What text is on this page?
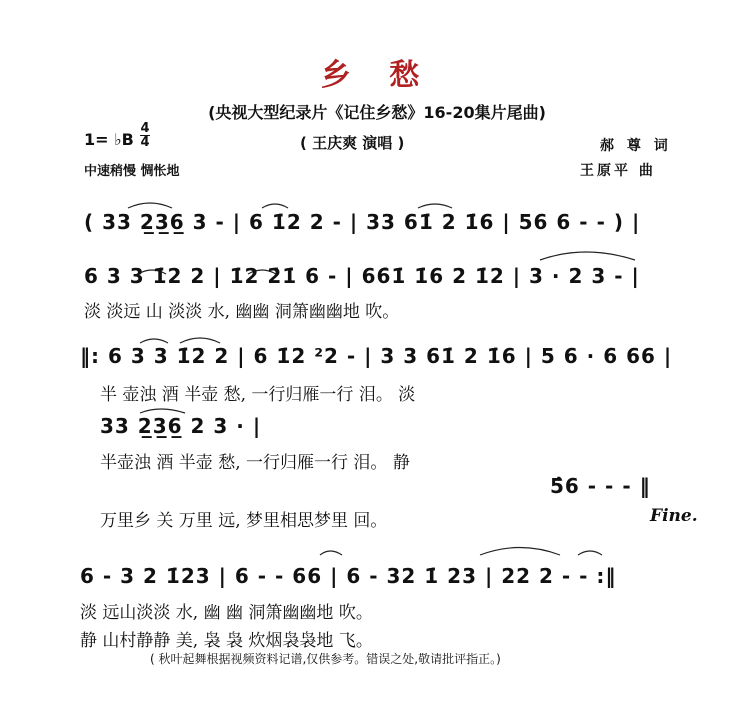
乡 愁
(央视大型纪录片《记住乡愁》16-20集片尾曲)
1= ♭B
4
4	( 王庆爽 演唱 )	郝 尊 词
王原平 曲
中速稍慢 惆怅地
( 33 2̲3̲6̲ 3 - | 6 1̇2 2 - | 33 61̇ 2 1̇6 | 56 6 - - ) |
6 3 3 1̇2 2 | 1̇2 2̇1̇ 6 - | 66̇1̇ 1̇6 2 1̇2 | 3 · 2 3 - |
淡 淡远 山 淡淡 水, 幽幽 洞箫幽幽地 吹。
‖: 6 3 3 1̇2 2 | 6 1̇2 ²2 - | 3 3 61̇ 2 1̇6 | 5 6 · 6 66 |
半 壶浊 酒 半壶 愁, 一行归雁一行 泪。 淡
33 2̲3̲6̲ 2 3 · |
半壶浊 酒 半壶 愁, 一行归雁一行 泪。 静
5̂6 - - - ‖
万里乡 关 万里 远, 梦里相思梦里 回。	Fine.
6 - 3 2 1̇23 | 6 - - 66 | 6 - 32 1̇ 23 | 22 2 - - :‖
淡 远山淡淡 水, 幽 幽 洞箫幽幽地 吹。
静 山村静静 美, 袅 袅 炊烟袅袅地 飞。
( 秋叶起舞根据视频资料记谱,仅供参考。错误之处,敬请批评指正。)
